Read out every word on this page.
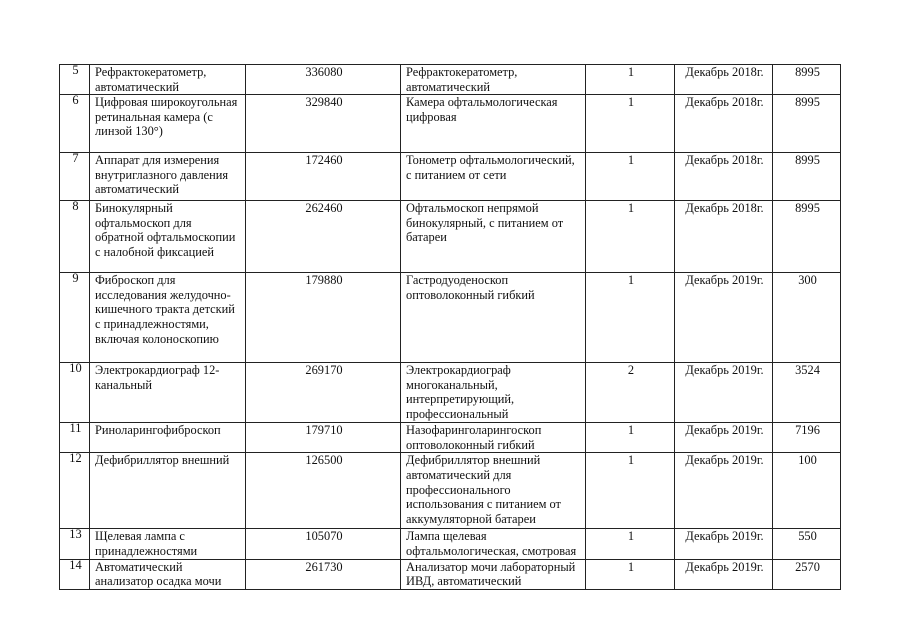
5	Рефрактокератометр, автоматический	336080	Рефрактокератометр, автоматический	1	Декабрь 2018г.	8995
6	Цифровая широкоугольная ретинальная камера (с линзой 130°)	329840	Камера офтальмологическая цифровая	1	Декабрь 2018г.	8995
7	Аппарат для измерения внутриглазного давления автоматический	172460	Тонометр офтальмологический, с питанием от сети	1	Декабрь 2018г.	8995
8	Бинокулярный офтальмоскоп для обратной офтальмоскопии с налобной фиксацией	262460	Офтальмоскоп непрямой бинокулярный, с питанием от батареи	1	Декабрь 2018г.	8995
9	Фиброскоп для исследования желудочно-кишечного тракта детский с принадлежностями, включая колоноскопию	179880	Гастродуоденоскоп оптоволоконный гибкий	1	Декабрь 2019г.	300
10	Электрокардиограф 12-канальный	269170	Электрокардиограф многоканальный, интерпретирующий, профессиональный	2	Декабрь 2019г.	3524
11	Риноларингофиброскоп	179710	Назофаринголарингоскоп оптоволоконный гибкий	1	Декабрь 2019г.	7196
12	Дефибриллятор внешний	126500	Дефибриллятор внешний автоматический для профессионального использования с питанием от аккумуляторной батареи	1	Декабрь 2019г.	100
13	Щелевая лампа с принадлежностями	105070	Лампа щелевая офтальмологическая, смотровая	1	Декабрь 2019г.	550
14	Автоматический анализатор осадка мочи	261730	Анализатор мочи лабораторный ИВД, автоматический	1	Декабрь 2019г.	2570
